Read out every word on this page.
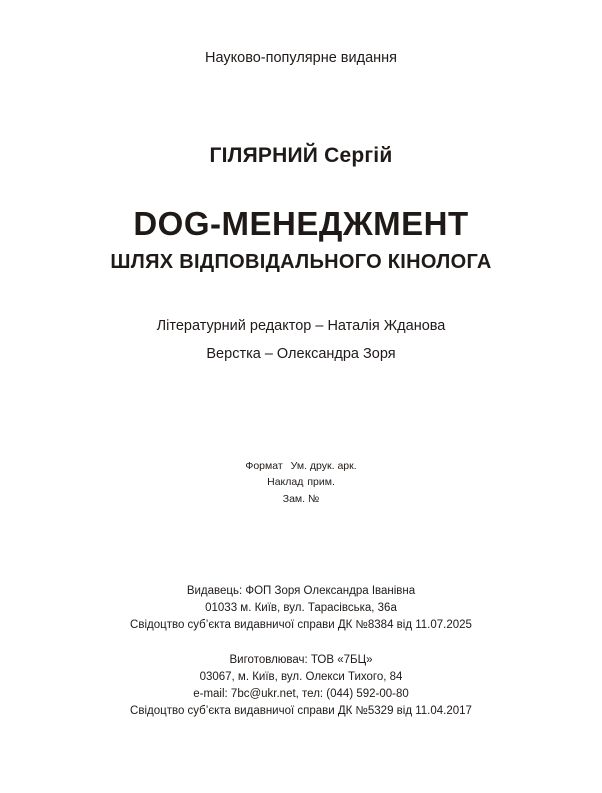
Науково-популярне видання
ГІЛЯРНИЙ Сергій
DOG-МЕНЕДЖМЕНТ
ШЛЯХ ВІДПОВІДАЛЬНОГО КІНОЛОГА
Літературний редактор – Наталія Жданова
Верстка – Олександра Зоря
Формат Ум. друк. арк.
Наклад прим.
Зам. №
Видавець: ФОП Зоря Олександра Іванівна
01033 м. Київ, вул. Тарасівська, 36а
Свідоцтво суб’єкта видавничої справи ДК №8384 від 11.07.2025
Виготовлювач: ТОВ «7БЦ»
03067, м. Київ, вул. Олекси Тихого, 84
e-mail: 7bc@ukr.net, тел: (044) 592-00-80
Свідоцтво суб’єкта видавничої справи ДК №5329 від 11.04.2017
